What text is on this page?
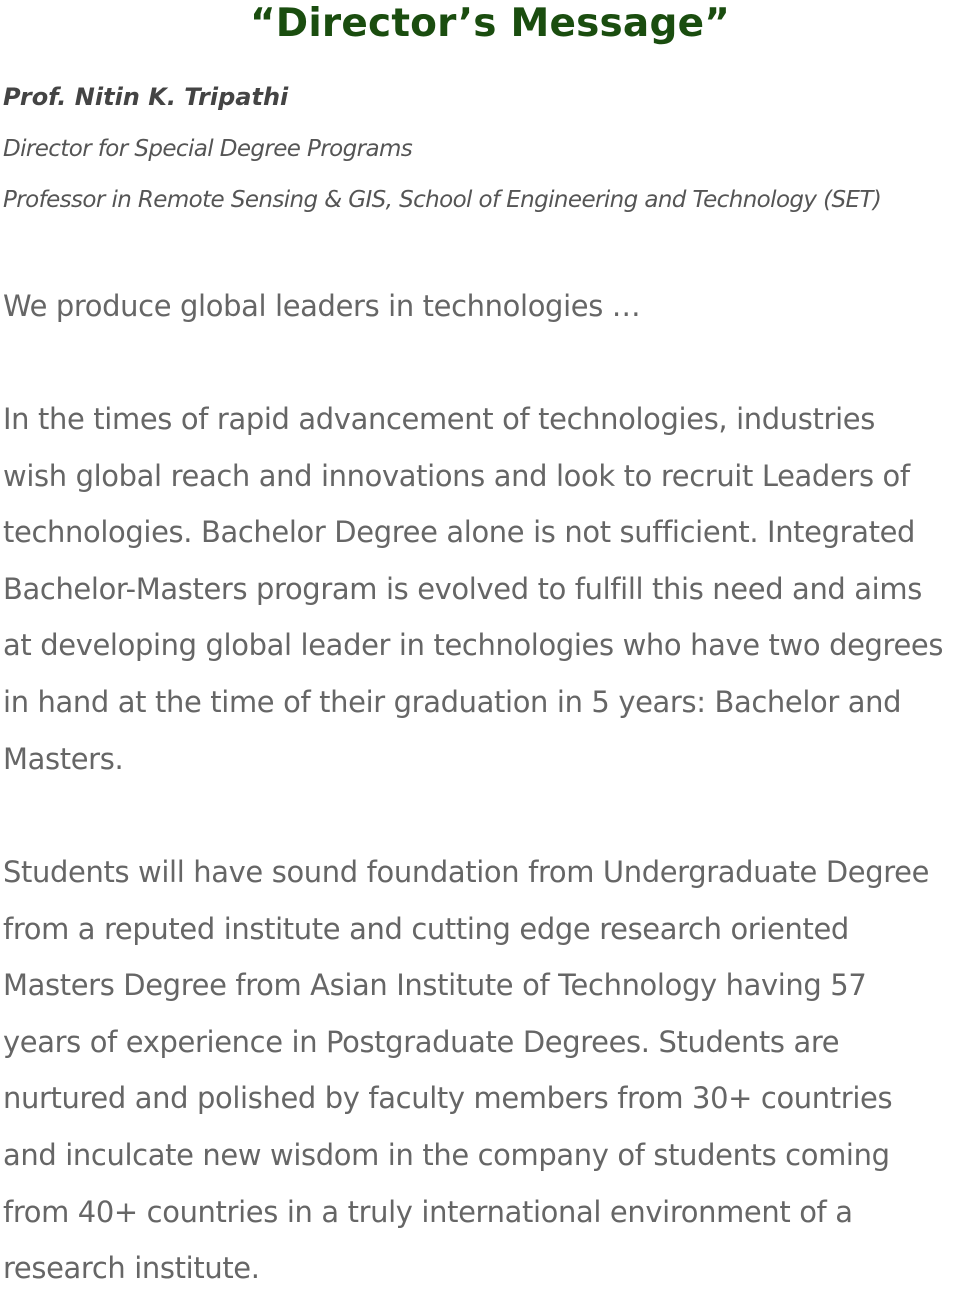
“Director’s Message”
Prof. Nitin K. Tripathi
Director for Special Degree Programs
Professor in Remote Sensing & GIS, School of Engineering and Technology (SET)

We produce global leaders in technologies …

In the times of rapid advancement of technologies, industries
wish global reach and innovations and look to recruit Leaders of
technologies. Bachelor Degree alone is not sufficient. Integrated
Bachelor-Masters program is evolved to fulfill this need and aims
at developing global leader in technologies who have two degrees
in hand at the time of their graduation in 5 years: Bachelor and
Masters.

Students will have sound foundation from Undergraduate Degree
from a reputed institute and cutting edge research oriented
Masters Degree from Asian Institute of Technology having 57
years of experience in Postgraduate Degrees. Students are
nurtured and polished by faculty members from 30+ countries
and inculcate new wisdom in the company of students coming
from 40+ countries in a truly international environment of a
research institute.
